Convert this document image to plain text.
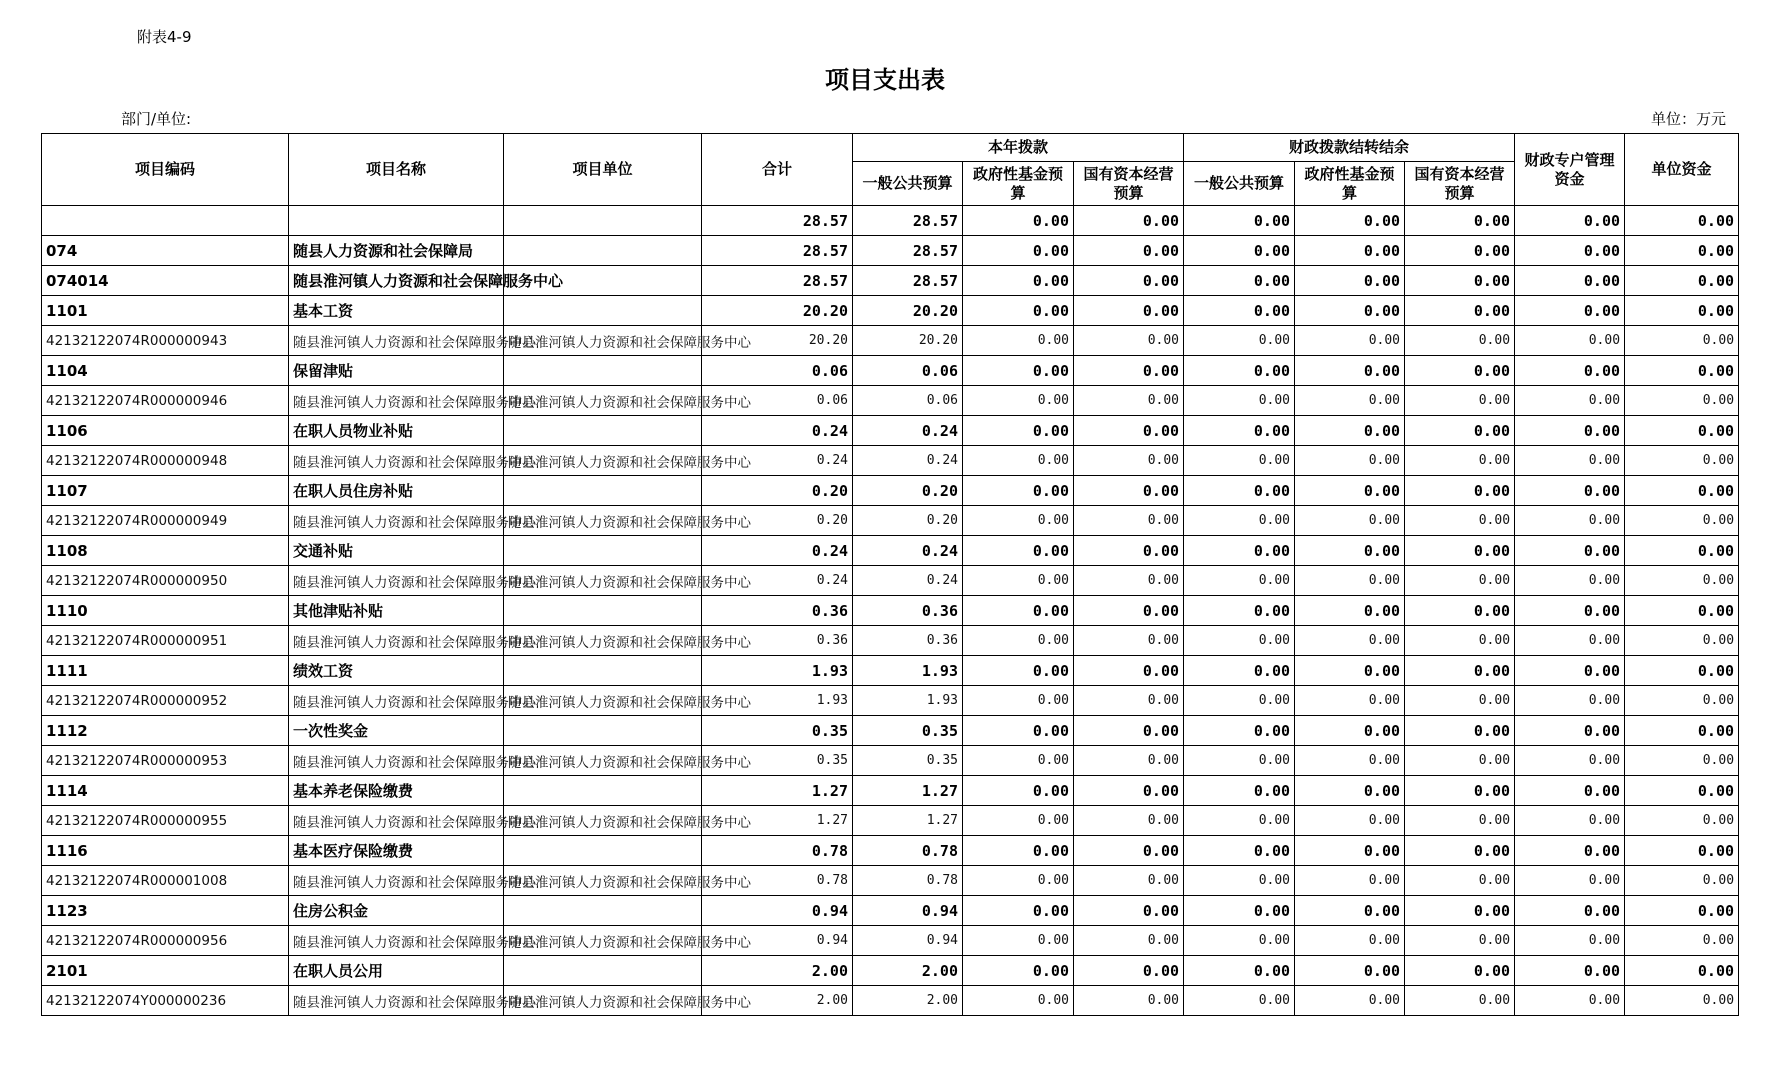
附表4-9
项目支出表
部门/单位:	单位：万元
项目编码	项目名称	项目单位	合计	本年拨款			财政拨款结转结余			财政专户管理资金	单位资金
				一般公共预算	政府性基金预算	国有资本经营预算	一般公共预算	政府性基金预算	国有资本经营预算		
			28.57	28.57	0.00	0.00	0.00	0.00	0.00	0.00	0.00
074	随县人力资源和社会保障局		28.57	28.57	0.00	0.00	0.00	0.00	0.00	0.00	0.00
074014	随县淮河镇人力资源和社会保障服务中心		28.57	28.57	0.00	0.00	0.00	0.00	0.00	0.00	0.00
1101	基本工资		20.20	20.20	0.00	0.00	0.00	0.00	0.00	0.00	0.00
42132122074R000000943	随县淮河镇人力资源和社会保障服务中心	随县淮河镇人力资源和社会保障服务中心	20.20	20.20	0.00	0.00	0.00	0.00	0.00	0.00	0.00
1104	保留津贴		0.06	0.06	0.00	0.00	0.00	0.00	0.00	0.00	0.00
42132122074R000000946	随县淮河镇人力资源和社会保障服务中心	随县淮河镇人力资源和社会保障服务中心	0.06	0.06	0.00	0.00	0.00	0.00	0.00	0.00	0.00
1106	在职人员物业补贴		0.24	0.24	0.00	0.00	0.00	0.00	0.00	0.00	0.00
42132122074R000000948	随县淮河镇人力资源和社会保障服务中心	随县淮河镇人力资源和社会保障服务中心	0.24	0.24	0.00	0.00	0.00	0.00	0.00	0.00	0.00
1107	在职人员住房补贴		0.20	0.20	0.00	0.00	0.00	0.00	0.00	0.00	0.00
42132122074R000000949	随县淮河镇人力资源和社会保障服务中心	随县淮河镇人力资源和社会保障服务中心	0.20	0.20	0.00	0.00	0.00	0.00	0.00	0.00	0.00
1108	交通补贴		0.24	0.24	0.00	0.00	0.00	0.00	0.00	0.00	0.00
42132122074R000000950	随县淮河镇人力资源和社会保障服务中心	随县淮河镇人力资源和社会保障服务中心	0.24	0.24	0.00	0.00	0.00	0.00	0.00	0.00	0.00
1110	其他津贴补贴		0.36	0.36	0.00	0.00	0.00	0.00	0.00	0.00	0.00
42132122074R000000951	随县淮河镇人力资源和社会保障服务中心	随县淮河镇人力资源和社会保障服务中心	0.36	0.36	0.00	0.00	0.00	0.00	0.00	0.00	0.00
1111	绩效工资		1.93	1.93	0.00	0.00	0.00	0.00	0.00	0.00	0.00
42132122074R000000952	随县淮河镇人力资源和社会保障服务中心	随县淮河镇人力资源和社会保障服务中心	1.93	1.93	0.00	0.00	0.00	0.00	0.00	0.00	0.00
1112	一次性奖金		0.35	0.35	0.00	0.00	0.00	0.00	0.00	0.00	0.00
42132122074R000000953	随县淮河镇人力资源和社会保障服务中心	随县淮河镇人力资源和社会保障服务中心	0.35	0.35	0.00	0.00	0.00	0.00	0.00	0.00	0.00
1114	基本养老保险缴费		1.27	1.27	0.00	0.00	0.00	0.00	0.00	0.00	0.00
42132122074R000000955	随县淮河镇人力资源和社会保障服务中心	随县淮河镇人力资源和社会保障服务中心	1.27	1.27	0.00	0.00	0.00	0.00	0.00	0.00	0.00
1116	基本医疗保险缴费		0.78	0.78	0.00	0.00	0.00	0.00	0.00	0.00	0.00
42132122074R000001008	随县淮河镇人力资源和社会保障服务中心	随县淮河镇人力资源和社会保障服务中心	0.78	0.78	0.00	0.00	0.00	0.00	0.00	0.00	0.00
1123	住房公积金		0.94	0.94	0.00	0.00	0.00	0.00	0.00	0.00	0.00
42132122074R000000956	随县淮河镇人力资源和社会保障服务中心	随县淮河镇人力资源和社会保障服务中心	0.94	0.94	0.00	0.00	0.00	0.00	0.00	0.00	0.00
2101	在职人员公用		2.00	2.00	0.00	0.00	0.00	0.00	0.00	0.00	0.00
42132122074Y000000236	随县淮河镇人力资源和社会保障服务中心	随县淮河镇人力资源和社会保障服务中心	2.00	2.00	0.00	0.00	0.00	0.00	0.00	0.00	0.00
